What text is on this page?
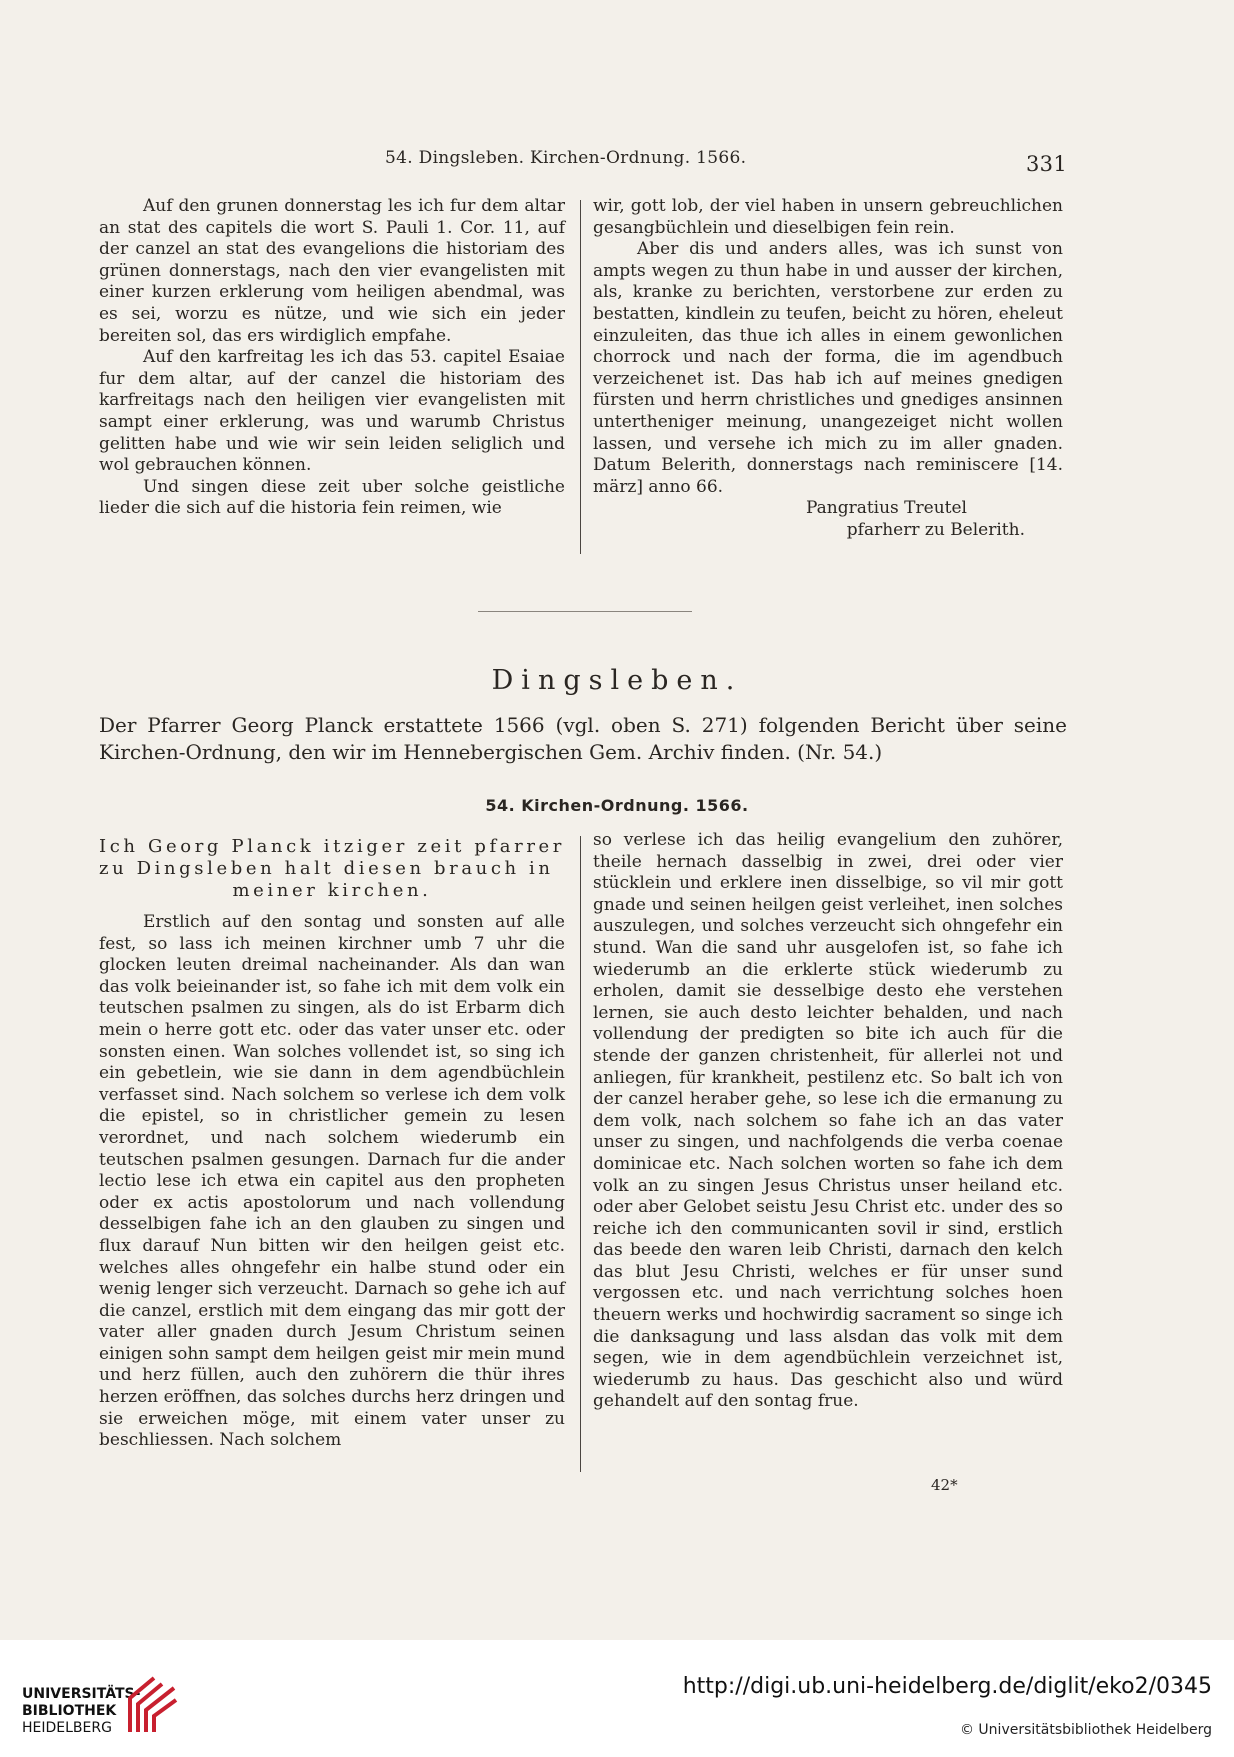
54. Dingsleben. Kirchen-Ordnung. 1566.	331

Auf den grunen donnerstag les ich fur dem altar an stat des capitels die wort S. Pauli 1. Cor. 11, auf der canzel an stat des evangelions die historiam des grünen donnerstags, nach den vier evangelisten mit einer kurzen erklerung vom heiligen abendmal, was es sei, worzu es nütze, und wie sich ein jeder bereiten sol, das ers wirdiglich empfahe.

Auf den karfreitag les ich das 53. capitel Esaiae fur dem altar, auf der canzel die historiam des karfreitags nach den heiligen vier evangelisten mit sampt einer erklerung, was und warumb Christus gelitten habe und wie wir sein leiden seliglich und wol gebrauchen können.

Und singen diese zeit uber solche geistliche lieder die sich auf die historia fein reimen, wie

wir, gott lob, der viel haben in unsern gebreuchlichen gesangbüchlein und dieselbigen fein rein.

Aber dis und anders alles, was ich sunst von ampts wegen zu thun habe in und ausser der kirchen, als, kranke zu berichten, verstorbene zur erden zu bestatten, kindlein zu teufen, beicht zu hören, eheleut einzuleiten, das thue ich alles in einem gewonlichen chorrock und nach der forma, die im agendbuch verzeichenet ist. Das hab ich auf meines gnedigen fürsten und herrn christliches und gnediges ansinnen untertheniger meinung, unangezeiget nicht wollen lassen, und versehe ich mich zu im aller gnaden. Datum Belerith, donnerstags nach reminiscere [14. märz] anno 66.

Pangratius Treutel

pfarherr zu Belerith.

Dingsleben.

Der Pfarrer Georg Planck erstattete 1566 (vgl. oben S. 271) folgenden Bericht über seine Kirchen-Ordnung, den wir im Hennebergischen Gem. Archiv finden. (Nr. 54.)

54. Kirchen-Ordnung. 1566.
Ich Georg Planck itziger zeit pfarrer zu Dingsleben halt diesen brauch in
meiner kirchen.

Erstlich auf den sontag und sonsten auf alle fest, so lass ich meinen kirchner umb 7 uhr die glocken leuten dreimal nacheinander. Als dan wan das volk beieinander ist, so fahe ich mit dem volk ein teutschen psalmen zu singen, als do ist Erbarm dich mein o herre gott etc. oder das vater unser etc. oder sonsten einen. Wan solches vollendet ist, so sing ich ein gebetlein, wie sie dann in dem agendbüchlein verfasset sind. Nach solchem so verlese ich dem volk die epistel, so in christlicher gemein zu lesen verordnet, und nach solchem wiederumb ein teutschen psalmen gesungen. Darnach fur die ander lectio lese ich etwa ein capitel aus den propheten oder ex actis apostolorum und nach vollendung desselbigen fahe ich an den glauben zu singen und flux darauf Nun bitten wir den heilgen geist etc. welches alles ohngefehr ein halbe stund oder ein wenig lenger sich verzeucht. Darnach so gehe ich auf die canzel, erstlich mit dem eingang das mir gott der vater aller gnaden durch Jesum Christum seinen einigen sohn sampt dem heilgen geist mir mein mund und herz füllen, auch den zuhörern die thür ihres herzen eröffnen, das solches durchs herz dringen und sie erweichen möge, mit einem vater unser zu beschliessen. Nach solchem

so verlese ich das heilig evangelium den zuhörer, theile hernach dasselbig in zwei, drei oder vier stücklein und erklere inen disselbige, so vil mir gott gnade und seinen heilgen geist verleihet, inen solches auszulegen, und solches verzeucht sich ohngefehr ein stund. Wan die sand uhr ausgelofen ist, so fahe ich wiederumb an die erklerte stück wiederumb zu erholen, damit sie desselbige desto ehe verstehen lernen, sie auch desto leichter behalden, und nach vollendung der predigten so bite ich auch für die stende der ganzen christenheit, für allerlei not und anliegen, für krankheit, pestilenz etc. So balt ich von der canzel heraber gehe, so lese ich die ermanung zu dem volk, nach solchem so fahe ich an das vater unser zu singen, und nachfolgends die verba coenae dominicae etc. Nach solchen worten so fahe ich dem volk an zu singen Jesus Christus unser heiland etc. oder aber Gelobet seistu Jesu Christ etc. under des so reiche ich den communicanten sovil ir sind, erstlich das beede den waren leib Christi, darnach den kelch das blut Jesu Christi, welches er für unser sund vergossen etc. und nach verrichtung solches hoen theuern werks und hochwirdig sacrament so singe ich die danksagung und lass alsdan das volk mit dem segen, wie in dem agendbüchlein verzeichnet ist, wiederumb zu haus. Das geschicht also und würd gehandelt auf den sontag frue.

42*
UNIVERSITÄTS-
BIBLIOTHEK
HEIDELBERG
http://digi.ub.uni-heidelberg.de/diglit/eko2/0345
© Universitätsbibliothek Heidelberg
